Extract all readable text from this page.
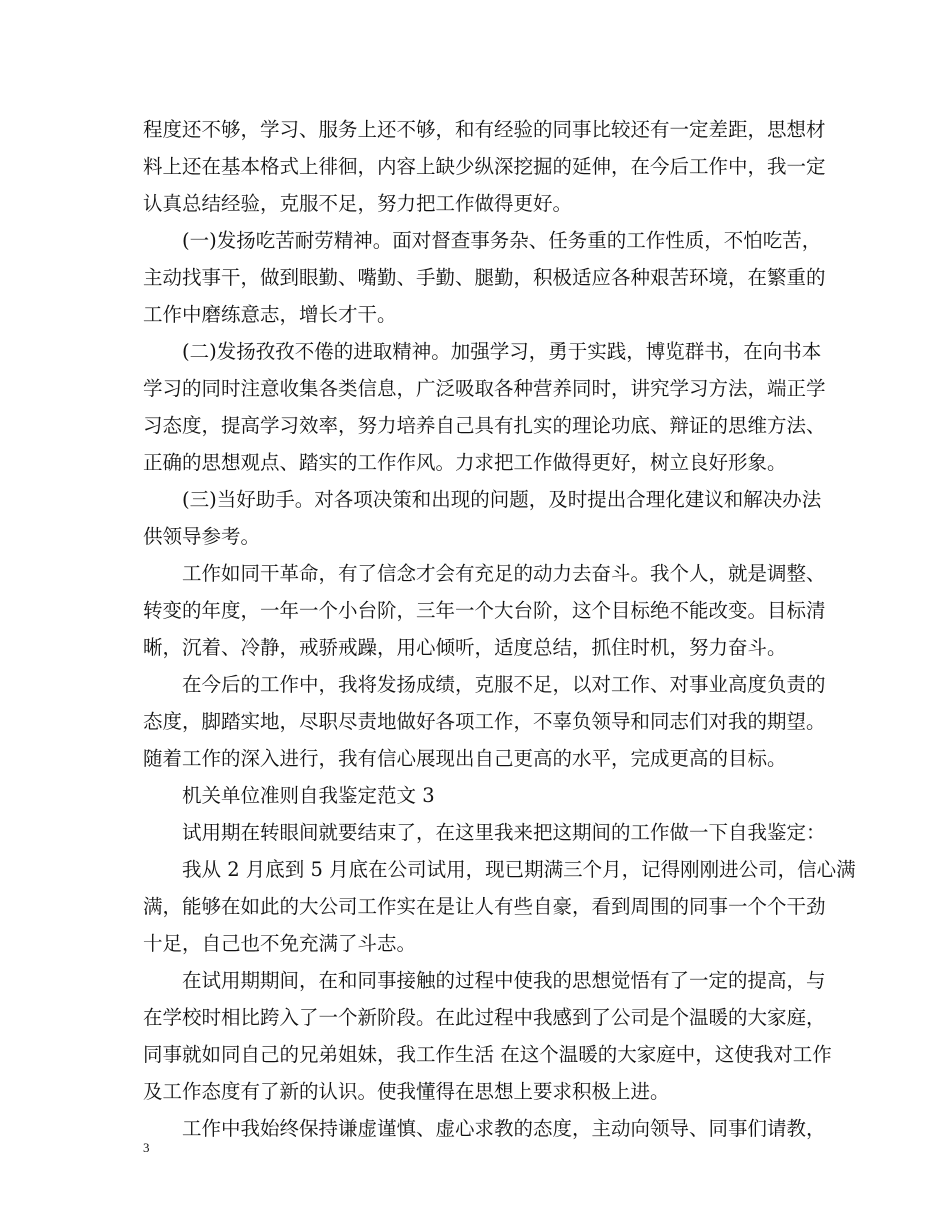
程度还不够，学习、服务上还不够，和有经验的同事比较还有一定差距，思想材
料上还在基本格式上徘徊，内容上缺少纵深挖掘的延伸，在今后工作中，我一定
认真总结经验，克服不足，努力把工作做得更好。
(一)发扬吃苦耐劳精神。面对督查事务杂、任务重的工作性质，不怕吃苦，
主动找事干，做到眼勤、嘴勤、手勤、腿勤，积极适应各种艰苦环境，在繁重的
工作中磨练意志，增长才干。
(二)发扬孜孜不倦的进取精神。加强学习，勇于实践，博览群书，在向书本
学习的同时注意收集各类信息，广泛吸取各种营养同时，讲究学习方法，端正学
习态度，提高学习效率，努力培养自己具有扎实的理论功底、辩证的思维方法、
正确的思想观点、踏实的工作作风。力求把工作做得更好，树立良好形象。
(三)当好助手。对各项决策和出现的问题，及时提出合理化建议和解决办法
供领导参考。
工作如同干革命，有了信念才会有充足的动力去奋斗。我个人，就是调整、
转变的年度，一年一个小台阶，三年一个大台阶，这个目标绝不能改变。目标清
晰，沉着、冷静，戒骄戒躁，用心倾听，适度总结，抓住时机，努力奋斗。
在今后的工作中，我将发扬成绩，克服不足，以对工作、对事业高度负责的
态度，脚踏实地，尽职尽责地做好各项工作，不辜负领导和同志们对我的期望。
随着工作的深入进行，我有信心展现出自己更高的水平，完成更高的目标。
机关单位准则自我鉴定范文 3
试用期在转眼间就要结束了，在这里我来把这期间的工作做一下自我鉴定：
我从 2 月底到 5 月底在公司试用，现已期满三个月，记得刚刚进公司，信心满
满，能够在如此的大公司工作实在是让人有些自豪，看到周围的同事一个个干劲
十足，自己也不免充满了斗志。
在试用期期间，在和同事接触的过程中使我的思想觉悟有了一定的提高，与
在学校时相比跨入了一个新阶段。在此过程中我感到了公司是个温暖的大家庭，
同事就如同自己的兄弟姐妹，我工作生活 在这个温暖的大家庭中，这使我对工作
及工作态度有了新的认识。使我懂得在思想上要求积极上进。
工作中我始终保持谦虚谨慎、虚心求教的态度，主动向领导、同事们请教，
3
